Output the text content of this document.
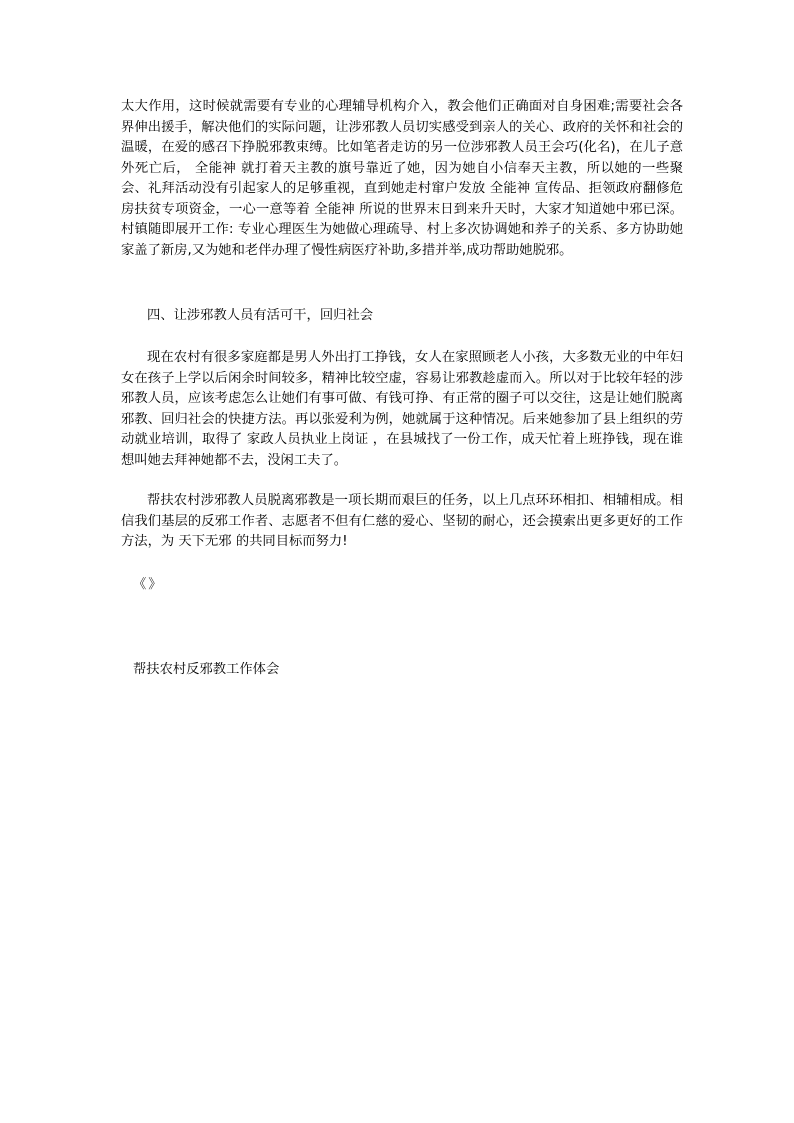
太大作用，这时候就需要有专业的心理辅导机构介入，教会他们正确面对自身困难;需要社会各界伸出援手，解决他们的实际问题，让涉邪教人员切实感受到亲人的关心、政府的关怀和社会的温暖，在爱的感召下挣脱邪教束缚。比如笔者走访的另一位涉邪教人员王会巧(化名)，在儿子意外死亡后， 全能神 就打着天主教的旗号靠近了她，因为她自小信奉天主教，所以她的一些聚会、礼拜活动没有引起家人的足够重视，直到她走村窜户发放 全能神 宣传品、拒领政府翻修危房扶贫专项资金，一心一意等着 全能神 所说的世界末日到来升天时，大家才知道她中邪已深。村镇随即展开工作: 专业心理医生为她做心理疏导、村上多次协调她和养子的关系、多方协助她家盖了新房,又为她和老伴办理了慢性病医疗补助,多措并举,成功帮助她脱邪。

四、让涉邪教人员有活可干，回归社会

现在农村有很多家庭都是男人外出打工挣钱，女人在家照顾老人小孩，大多数无业的中年妇女在孩子上学以后闲余时间较多，精神比较空虚，容易让邪教趁虚而入。所以对于比较年轻的涉邪教人员，应该考虑怎么让她们有事可做、有钱可挣、有正常的圈子可以交往，这是让她们脱离邪教、回归社会的快捷方法。再以张爱利为例，她就属于这种情况。后来她参加了县上组织的劳动就业培训，取得了 家政人员执业上岗证 ，在县城找了一份工作，成天忙着上班挣钱，现在谁想叫她去拜神她都不去，没闲工夫了。

帮扶农村涉邪教人员脱离邪教是一项长期而艰巨的任务，以上几点环环相扣、相辅相成。相信我们基层的反邪工作者、志愿者不但有仁慈的爱心、坚韧的耐心，还会摸索出更多更好的工作方法，为 天下无邪 的共同目标而努力!

《》
帮扶农村反邪教工作体会
